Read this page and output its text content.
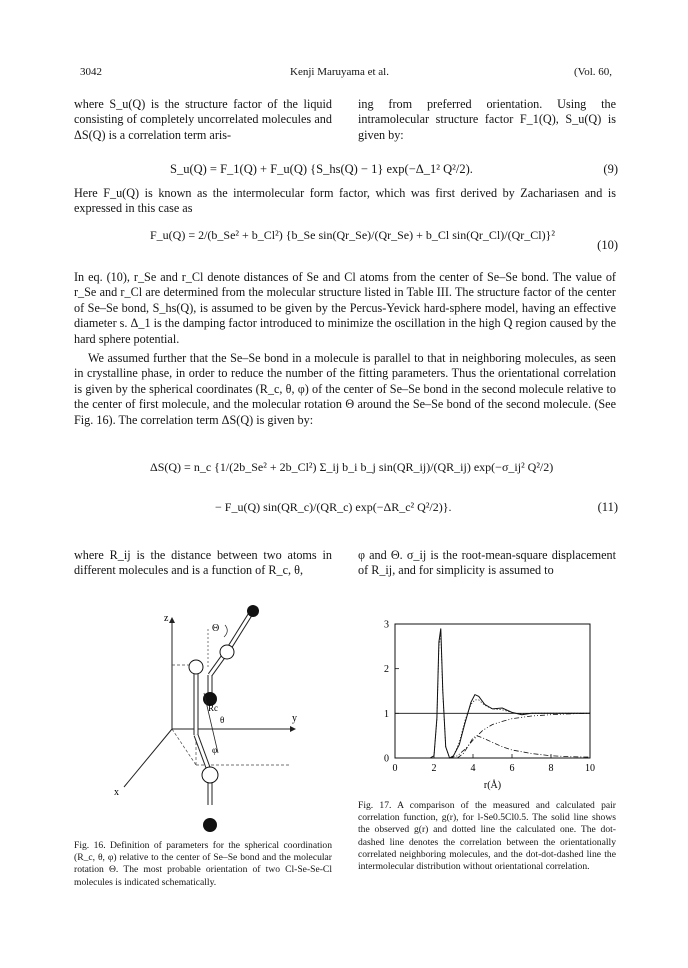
3042	Kenji Maruyama et al.	(Vol. 60,
where S_u(Q) is the structure factor of the liquid consisting of completely uncorrelated molecules and ΔS(Q) is a correlation term aris-
ing from preferred orientation. Using the intramolecular structure factor F_1(Q), S_u(Q) is given by:
S_u(Q) = F_1(Q) + F_u(Q) {S_hs(Q) − 1} exp(−Δ_1² Q²/2).	(9)
Here F_u(Q) is known as the intermolecular form factor, which was first derived by Zachariasen and is expressed in this case as
F_u(Q) = 2/(b_Se² + b_Cl²) {b_Se sin(Qr_Se)/(Qr_Se) + b_Cl sin(Qr_Cl)/(Qr_Cl)}²
(10)
In eq. (10), r_Se and r_Cl denote distances of Se and Cl atoms from the center of Se–Se bond. The value of r_Se and r_Cl are determined from the molecular structure listed in Table III. The structure factor of the center of Se–Se bond, S_hs(Q), is assumed to be given by the Percus-Yevick hard-sphere model, having an effective diameter s. Δ_1 is the damping factor introduced to minimize the oscillation in the high Q region caused by the hard sphere potential.
We assumed further that the Se–Se bond in a molecule is parallel to that in neighboring molecules, as seen in crystalline phase, in order to reduce the number of the fitting parameters. Thus the orientational correlation is given by the spherical coordinates (R_c, θ, φ) of the center of Se–Se bond in the second molecule relative to the center of first molecule, and the molecular rotation Θ around the Se–Se bond of the second molecule. (See Fig. 16). The correlation term ΔS(Q) is given by:
ΔS(Q) = n_c {1/(2b_Se² + 2b_Cl²) Σ_ij b_i b_j sin(QR_ij)/(QR_ij) exp(−σ_ij² Q²/2)
− F_u(Q) sin(QR_c)/(QR_c) exp(−ΔR_c² Q²/2)}.	(11)
where R_ij is the distance between two atoms in different molecules and is a function of R_c, θ,
φ and Θ. σ_ij is the root-mean-square displacement of R_ij, and for simplicity is assumed to
z
y
x
Θ
Rc
θ
φ
Fig. 16. Definition of parameters for the spherical coordination (R_c, θ, φ) relative to the center of Se–Se bond and the molecular rotation Θ. The most probable orientation of two Cl-Se-Se-Cl molecules is indicated schematically.
0	2	4	6	8	10
0
1
2
3
r(Å)
Fig. 17. A comparison of the measured and calculated pair correlation function, g(r), for l-Se0.5Cl0.5. The solid line shows the observed g(r) and dotted line the calculated one. The dot-dashed line denotes the correlation between the orientationally correlated neighboring molecules, and the dot-dot-dashed line the intermolecular distribution without orientational correlation.
